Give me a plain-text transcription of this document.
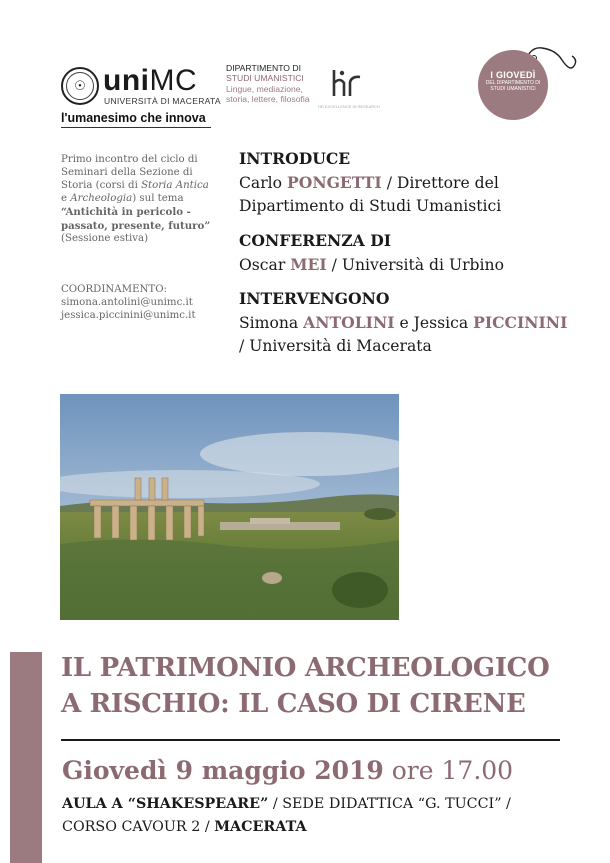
☉ uniMC
UNIVERSITÀ DI MACERATA
l'umanesimo che innova
DIPARTIMENTO DI
STUDI UMANISTICI
Lingue, mediazione,
storia, lettere, filosofia
HR EXCELLENCE IN RESEARCH
I GIOVEDÌ
DEL DIPARTIMENTO DI
STUDI UMANISTICI
Primo incontro del ciclo di Seminari della Sezione di Storia (corsi di Storia Antica e Archeologia) sul tema “Antichità in pericolo - passato, presente, futuro” (Sessione estiva)
COORDINAMENTO:
simona.antolini@unimc.it
jessica.piccinini@unimc.it
INTRODUCE
Carlo PONGETTI / Direttore del
Dipartimento di Studi Umanistici
CONFERENZA DI
Oscar MEI / Università di Urbino
INTERVENGONO
Simona ANTOLINI e Jessica PICCININI
/ Università di Macerata
IL PATRIMONIO ARCHEOLOGICO
A RISCHIO: IL CASO DI CIRENE
Giovedì 9 maggio 2019 ore 17.00
AULA A “SHAKESPEARE” / SEDE DIDATTICA “G. TUCCI” /
CORSO CAVOUR 2 / MACERATA
